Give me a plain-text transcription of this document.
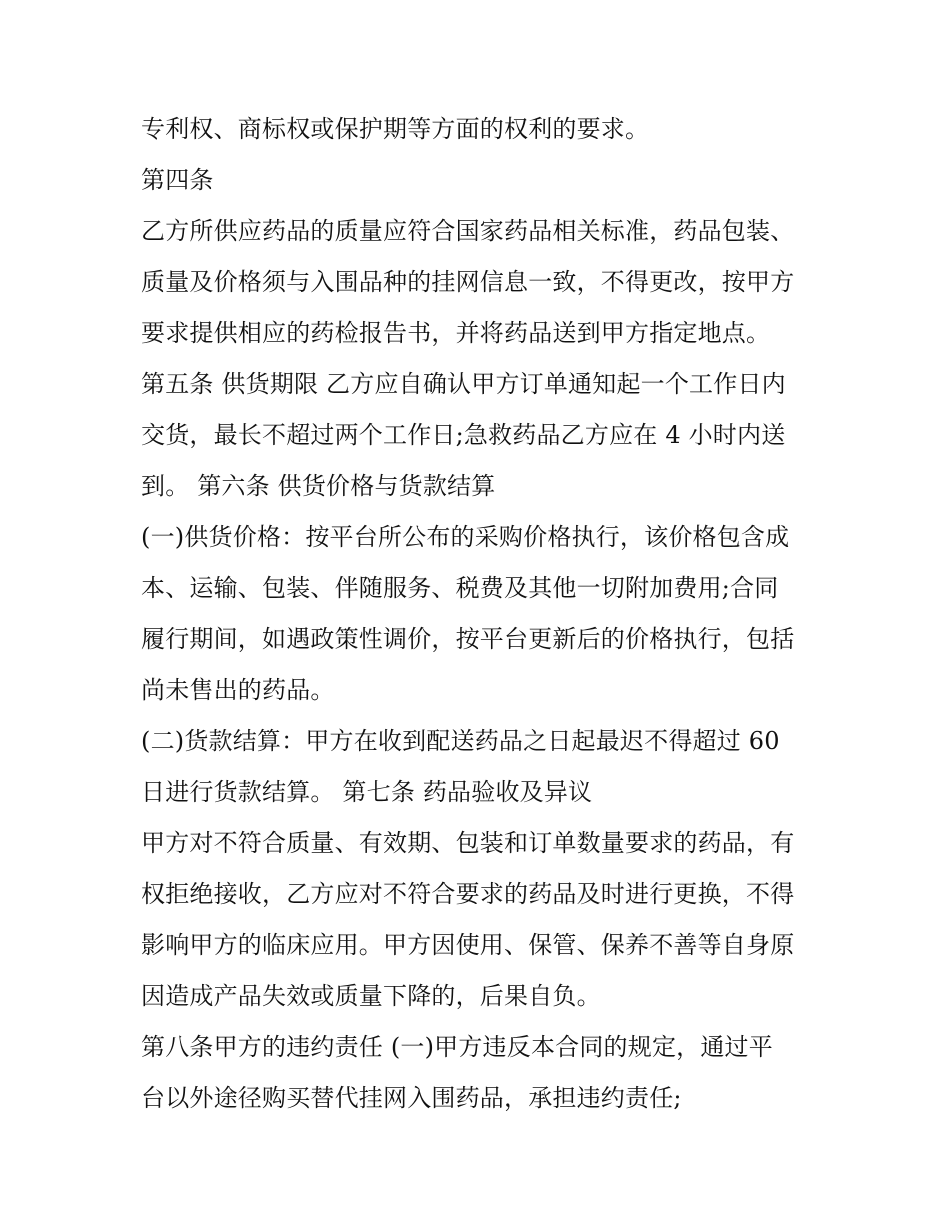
专利权、商标权或保护期等方面的权利的要求。
第四条
乙方所供应药品的质量应符合国家药品相关标准，药品包装、
质量及价格须与入围品种的挂网信息一致，不得更改，按甲方
要求提供相应的药检报告书，并将药品送到甲方指定地点。
第五条 供货期限 乙方应自确认甲方订单通知起一个工作日内
交货，最长不超过两个工作日;急救药品乙方应在 4 小时内送
到。 第六条 供货价格与货款结算
(一)供货价格：按平台所公布的采购价格执行，该价格包含成
本、运输、包装、伴随服务、税费及其他一切附加费用;合同
履行期间，如遇政策性调价，按平台更新后的价格执行，包括
尚未售出的药品。
(二)货款结算：甲方在收到配送药品之日起最迟不得超过 60
日进行货款结算。 第七条 药品验收及异议
甲方对不符合质量、有效期、包装和订单数量要求的药品，有
权拒绝接收，乙方应对不符合要求的药品及时进行更换，不得
影响甲方的临床应用。甲方因使用、保管、保养不善等自身原
因造成产品失效或质量下降的，后果自负。
第八条甲方的违约责任 (一)甲方违反本合同的规定，通过平
台以外途径购买替代挂网入围药品，承担违约责任;
